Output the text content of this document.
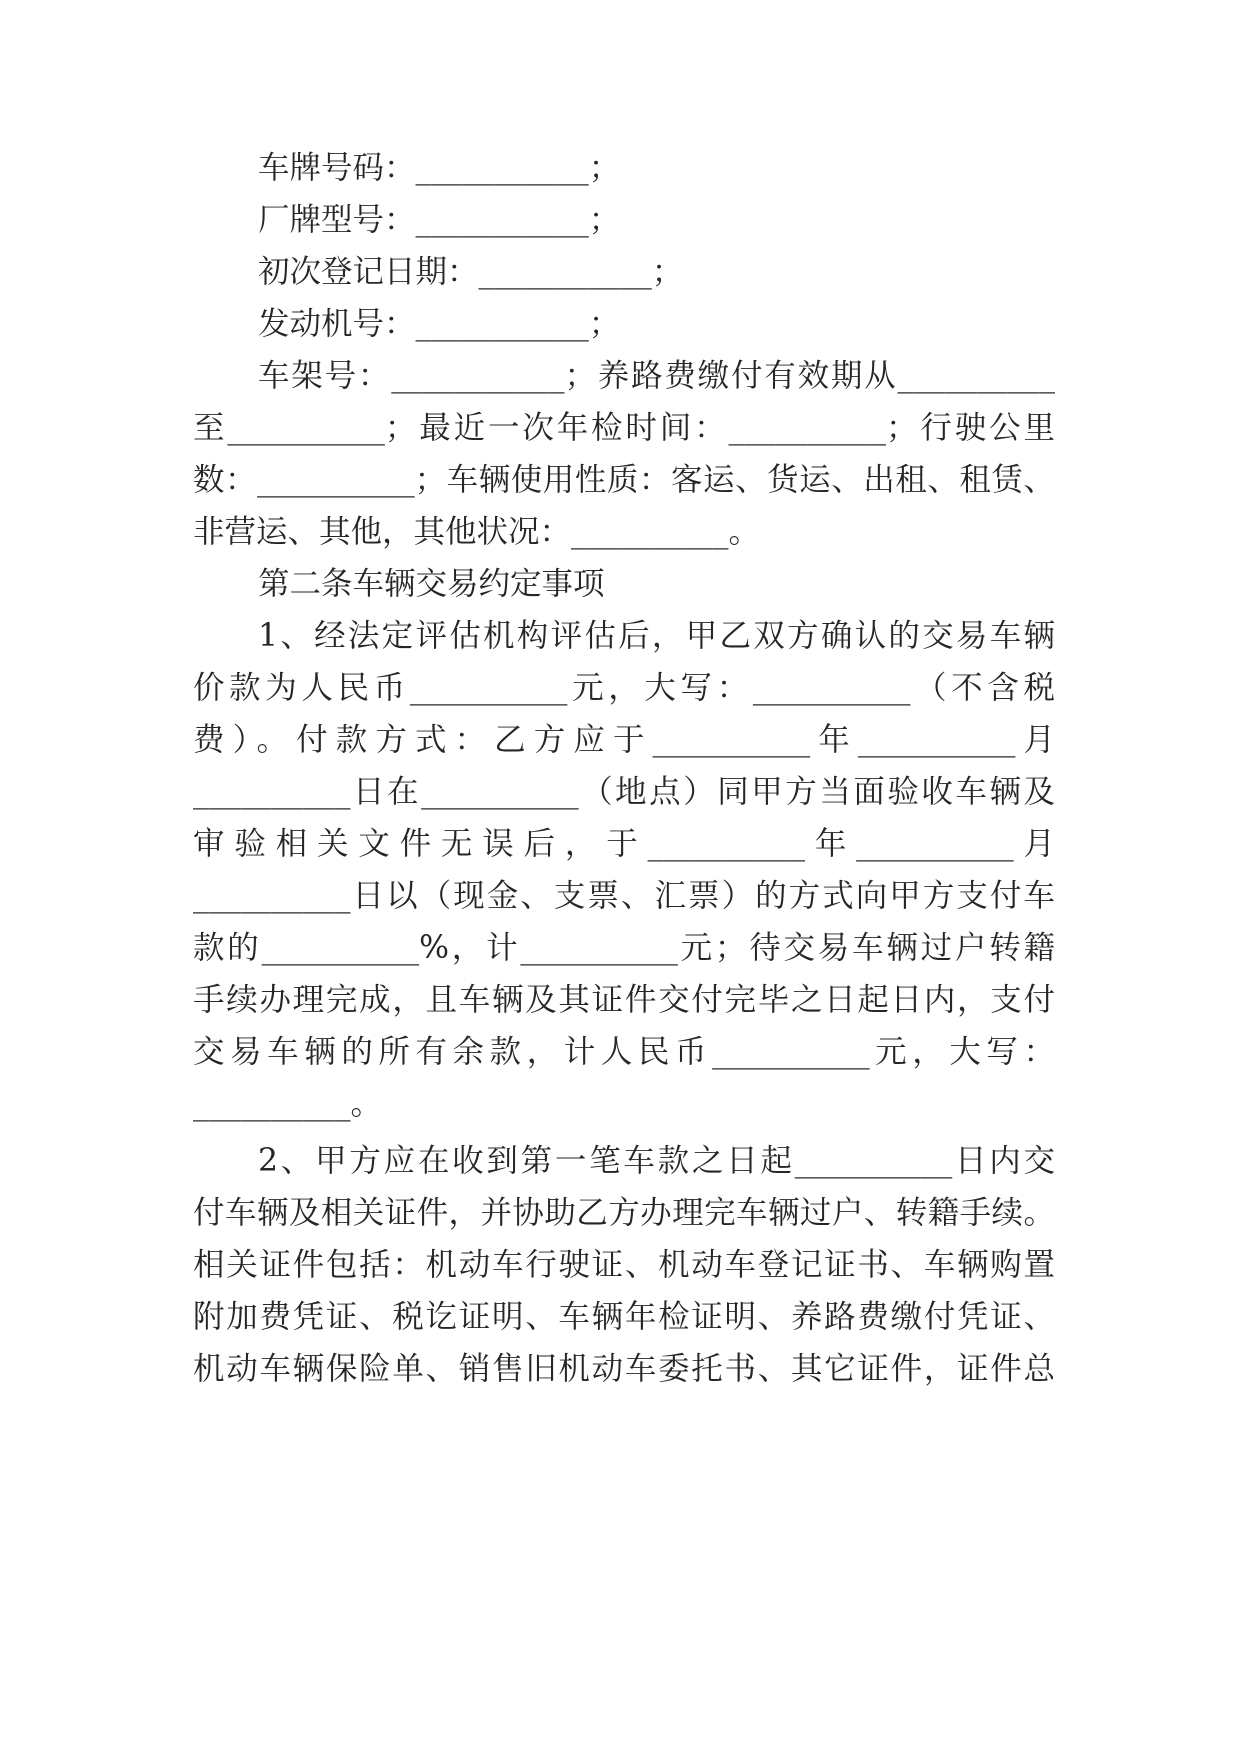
车牌号码：___________；
厂牌型号：___________；
初次登记日期：___________；
发动机号：___________；
车架号：___________；养路费缴付有效期从__________
至__________；最近一次年检时间：__________；行驶公里
数：__________；车辆使用性质：客运、货运、出租、租赁、
非营运、其他，其他状况：__________。
第二条车辆交易约定事项
1、经法定评估机构评估后，甲乙双方确认的交易车辆
价款为人民币__________元，大写：__________（不含税
费）。付款方式：乙方应于__________年__________月
__________日在__________（地点）同甲方当面验收车辆及
审验相关文件无误后，于__________年__________月
__________日以（现金、支票、汇票）的方式向甲方支付车
款的__________%，计__________元；待交易车辆过户转籍
手续办理完成，且车辆及其证件交付完毕之日起日内，支付
交易车辆的所有余款，计人民币__________元，大写：
__________。
2、甲方应在收到第一笔车款之日起__________日内交
付车辆及相关证件，并协助乙方办理完车辆过户、转籍手续。
相关证件包括：机动车行驶证、机动车登记证书、车辆购置
附加费凭证、税讫证明、车辆年检证明、养路费缴付凭证、
机动车辆保险单、销售旧机动车委托书、其它证件，证件总
